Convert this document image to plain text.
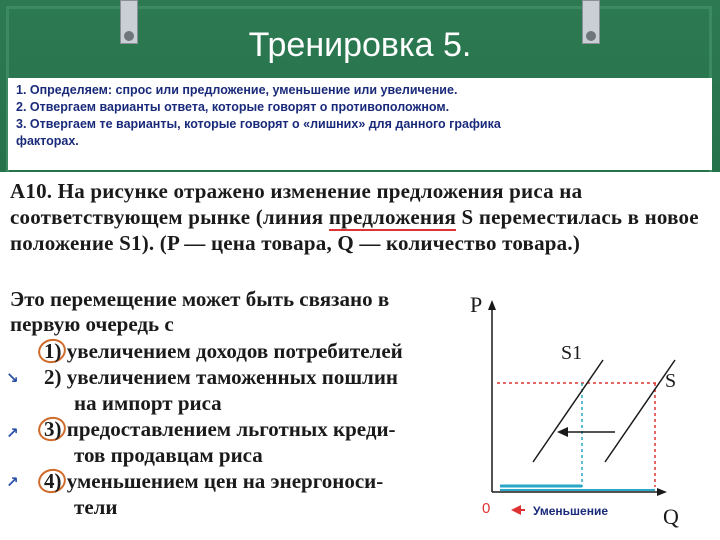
Тренировка 5.
1. Определяем: спрос или предложение, уменьшение или увеличение.
2. Отвергаем варианты ответа, которые говорят о противоположном.
3. Отвергаем те варианты, которые говорят о «лишних» для данного графика
факторах.
А10. На рисунке отражено изменение предложения риса на соответствующем рынке (линия предложения S переместилась в новое положение S1). (P — цена товара, Q — количество товара.)
Это перемещение может быть связано в первую очередь с
1) увеличением доходов потребителей
2) увеличением таможенных пошлин
на импорт риса
3) предоставлением льготных креди-
тов продавцам риса
4) уменьшением цен на энергоноси-
тели
↘
↗
↗
P
Q
S1
S
0	Уменьшение
